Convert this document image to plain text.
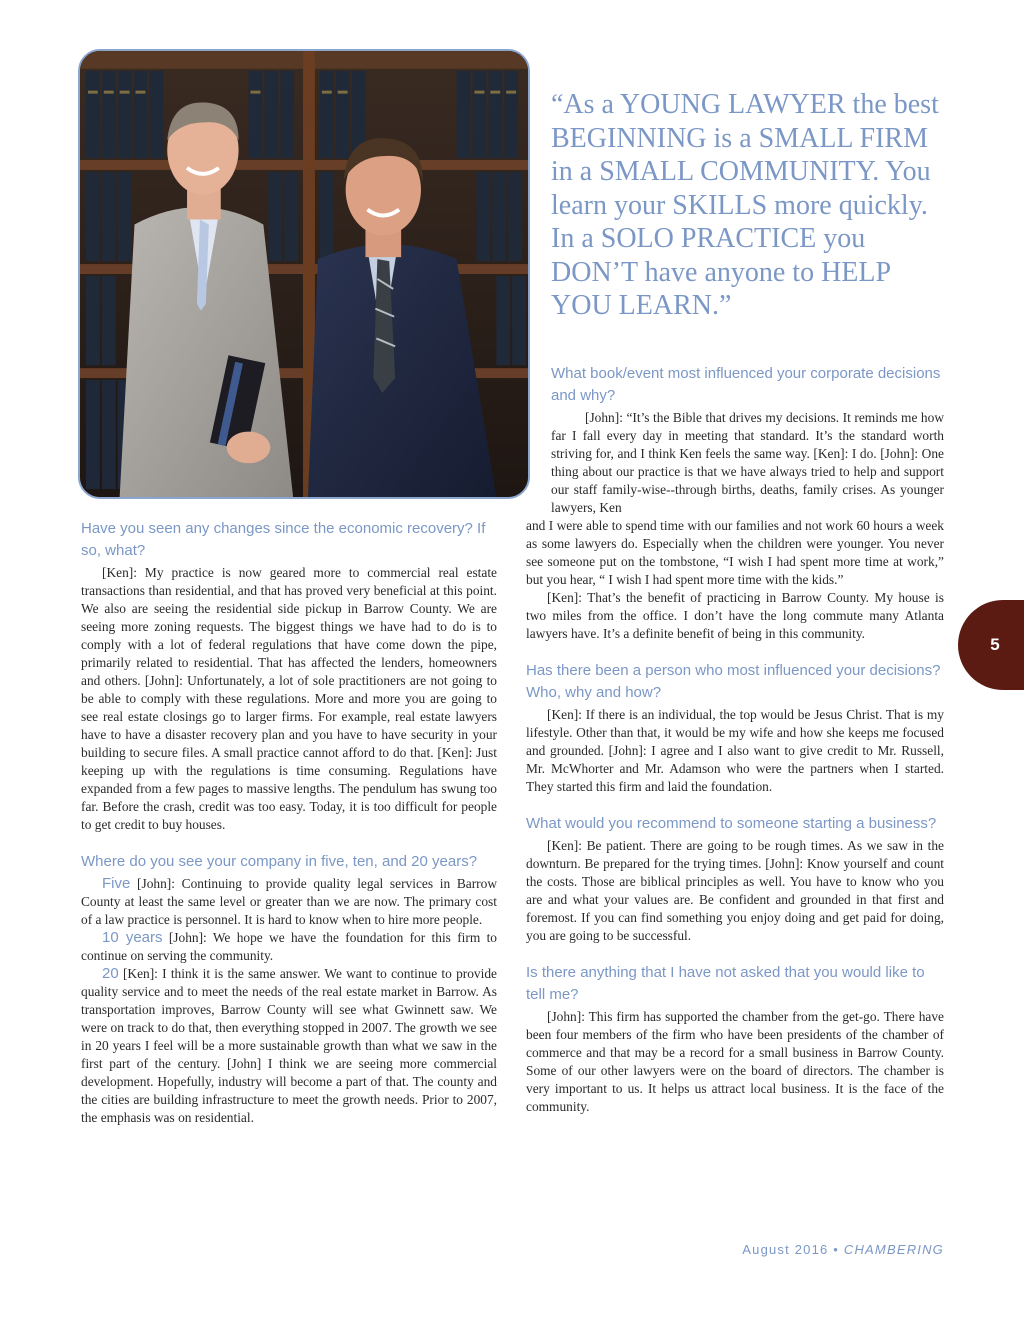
“As a YOUNG LAWYER the best BEGINNING is a SMALL FIRM in a SMALL COMMUNITY. You learn your SKILLS more quickly. In a SOLO PRACTICE you DON’T have anyone to HELP YOU LEARN.”

Have you seen any changes since the economic recovery? If so, what?

[Ken]: My practice is now geared more to commercial real estate transactions than residential, and that has proved very beneficial at this point. We also are seeing the residential side pickup in Barrow County. We are seeing more zoning requests. The biggest things we have had to do is to comply with a lot of federal regulations that have come down the pipe, primarily related to residential. That has affected the lenders, homeowners and others. [John]: Unfortunately, a lot of sole practitioners are not going to be able to comply with these regulations. More and more you are going to see real estate closings go to larger firms. For example, real estate lawyers have to have a disaster recovery plan and you have to have security in your building to secure files. A small practice cannot afford to do that. [Ken]: Just keeping up with the regulations is time consuming. Regulations have expanded from a few pages to massive lengths. The pendulum has swung too far. Before the crash, credit was too easy. Today, it is too difficult for people to get credit to buy houses.

Where do you see your company in five, ten, and 20 years?

Five [John]: Continuing to provide quality legal services in Barrow County at least the same level or greater than we are now. The primary cost of a law practice is personnel. It is hard to know when to hire more people.

10 years [John]: We hope we have the foundation for this firm to continue on serving the community.

20 [Ken]: I think it is the same answer. We want to continue to provide quality service and to meet the needs of the real estate market in Barrow. As transportation improves, Barrow County will see what Gwinnett saw. We were on track to do that, then everything stopped in 2007. The growth we see in 20 years I feel will be a more sustainable growth than what we saw in the first part of the century. [John] I think we are seeing more commercial development. Hopefully, industry will become a part of that. The county and the cities are building infrastructure to meet the growth needs. Prior to 2007, the emphasis was on residential.

What book/event most influenced your corporate decisions and why?

[John]: “It’s the Bible that drives my decisions. It reminds me how far I fall every day in meeting that standard. It’s the standard worth striving for, and I think Ken feels the same way. [Ken]: I do. [John]: One thing about our practice is that we have always tried to help and support our staff family-wise--through births, deaths, family crises. As younger lawyers, Ken

and I were able to spend time with our families and not work 60 hours a week as some lawyers do. Especially when the children were younger. You never see someone put on the tombstone, “I wish I had spent more time at work,” but you hear, “ I wish I had spent more time with the kids.”

[Ken]: That’s the benefit of practicing in Barrow County. My house is two miles from the office. I don’t have the long commute many Atlanta lawyers have. It’s a definite benefit of being in this community.

Has there been a person who most influenced your decisions? Who, why and how?

[Ken]: If there is an individual, the top would be Jesus Christ. That is my lifestyle. Other than that, it would be my wife and how she keeps me focused and grounded. [John]: I agree and I also want to give credit to Mr. Russell, Mr. McWhorter and Mr. Adamson who were the partners when I started. They started this firm and laid the foundation.

What would you recommend to someone starting a business?

[Ken]: Be patient. There are going to be rough times. As we saw in the downturn. Be prepared for the trying times. [John]: Know yourself and count the costs. Those are biblical principles as well. You have to know who you are and what your values are. Be confident and grounded in that first and foremost. If you can find something you enjoy doing and get paid for doing, you are going to be successful.

Is there anything that I have not asked that you would like to tell me?

[John]: This firm has supported the chamber from the get-go. There have been four members of the firm who have been presidents of the chamber of commerce and that may be a record for a small business in Barrow County. Some of our other lawyers were on the board of directors. The chamber is very important to us. It helps us attract local business. It is the face of the community.

5
August 2016 • CHAMBERING
